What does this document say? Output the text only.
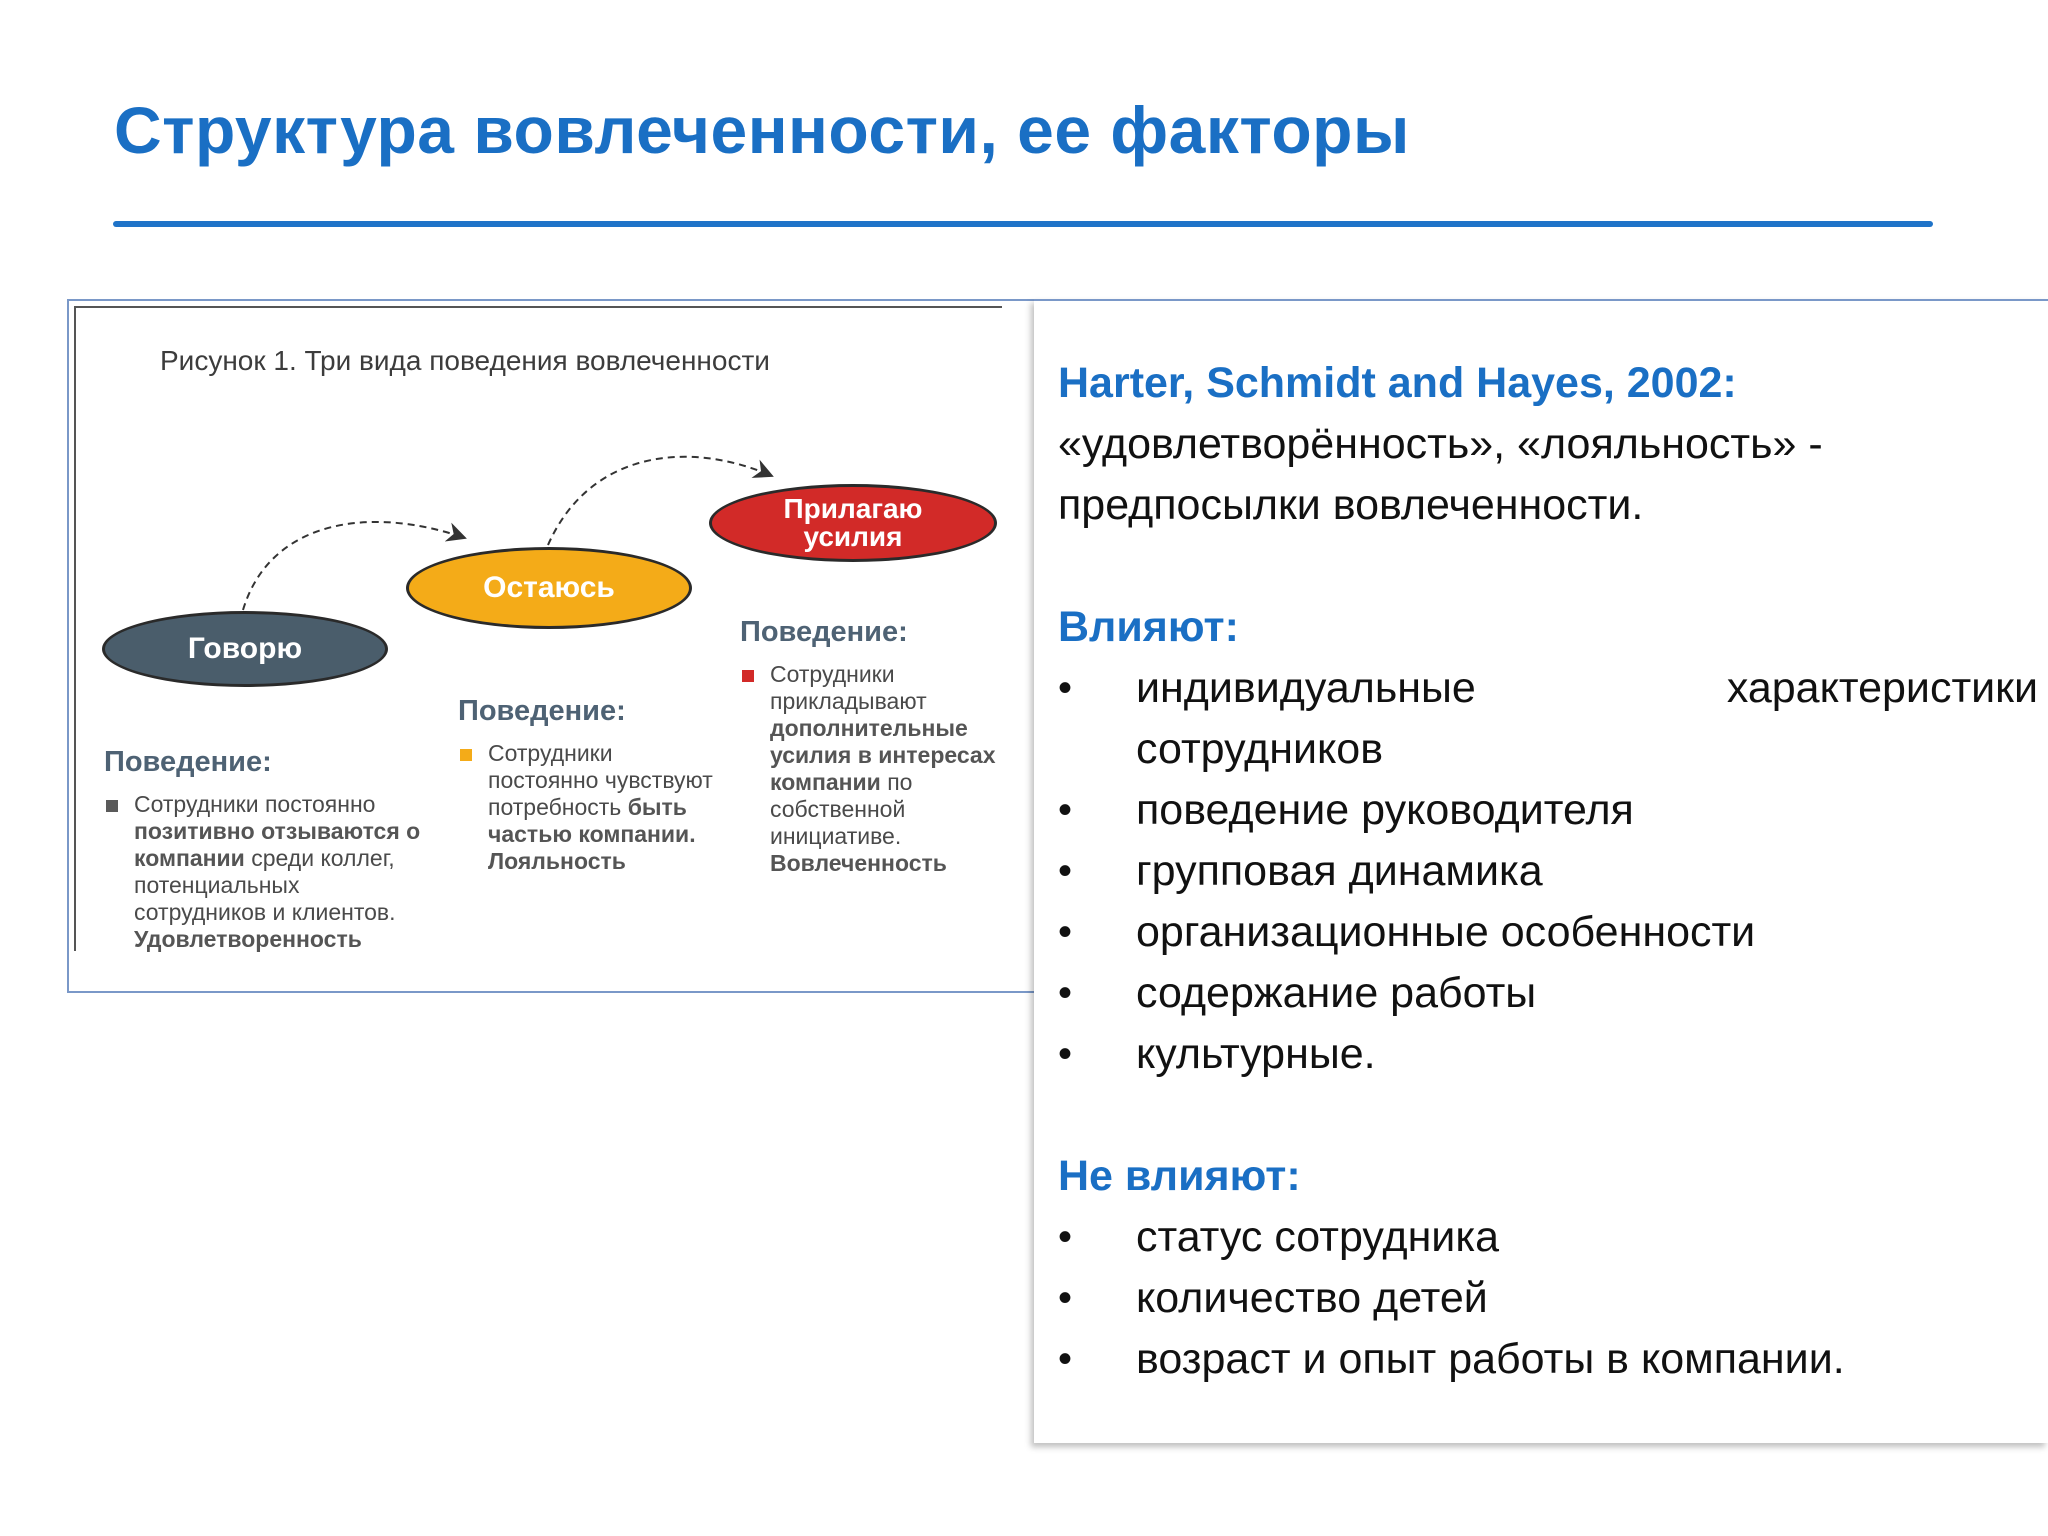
Структура вовлеченности, ее факторы
Рисунок 1. Три вида поведения вовлеченности
Говорю
Остаюсь
Прилагаю
усилия
Поведение:
Сотрудники постоянно позитивно отзываются о компании среди коллег, потенциальных сотрудников и клиентов. Удовлетворенность
Поведение:
Сотрудники постоянно чувствуют потребность быть частью компании. Лояльность
Поведение:
Сотрудники прикладывают дополнительные усилия в интересах компании по собственной инициативе. Вовлеченность

Harter, Schmidt and Hayes, 2002:

«удовлетворённость», «лояльность» -

предпосылки вовлеченности.

Влияют:

• индивидуальные	характеристики
сотрудников
• поведение руководителя
• групповая динамика
• организационные особенности
• содержание работы
• культурные.

Не влияют:

• статус сотрудника
• количество детей
• возраст и опыт работы в компании.
